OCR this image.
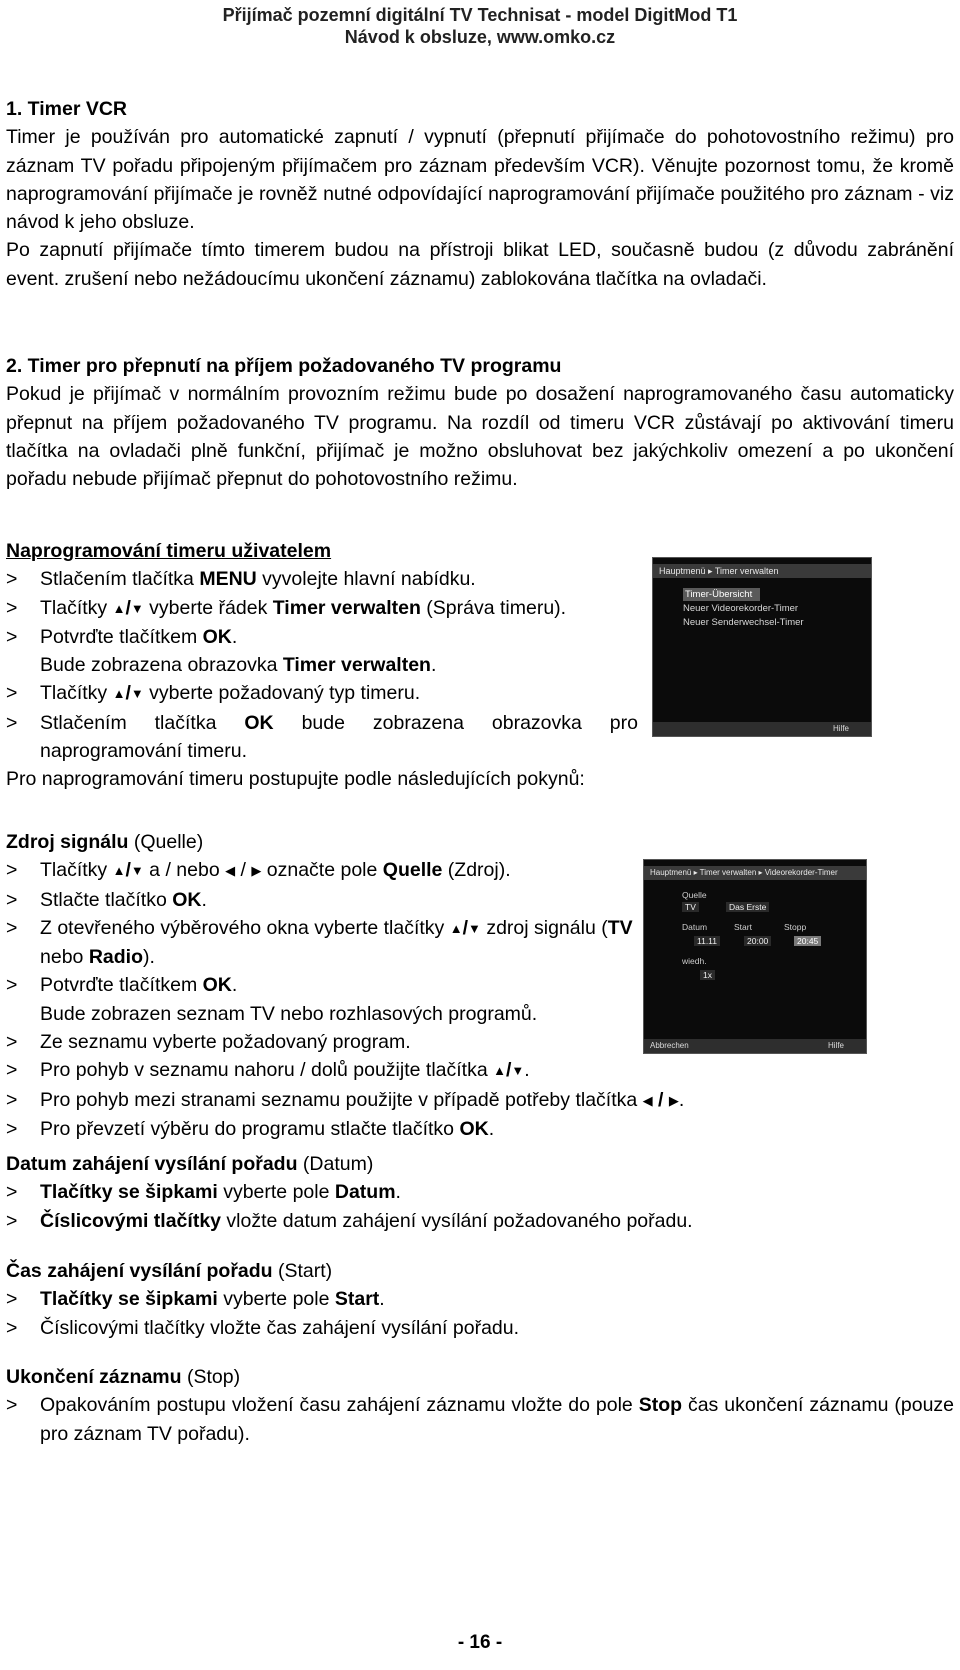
Přijímač pozemní digitální TV Technisat - model DigitMod T1
Návod k obsluze, www.omko.cz
1. Timer VCR
Timer je používán pro automatické zapnutí / vypnutí (přepnutí přijímače do pohotovostního režimu) pro záznam TV pořadu připojeným přijímačem pro záznam především VCR). Věnujte pozornost tomu, že kromě naprogramování přijímače je rovněž nutné odpovídající naprogramování přijímače použitého pro záznam - viz návod k jeho obsluze.
Po zapnutí přijímače tímto timerem budou na přístroji blikat LED, současně budou (z důvodu zabránění event. zrušení nebo nežádoucímu ukončení záznamu) zablokována tlačítka na ovladači.
2. Timer pro přepnutí na příjem požadovaného TV programu
Pokud je přijímač v normálním provozním režimu bude po dosažení naprogramovaného času automaticky přepnut na příjem požadovaného TV programu. Na rozdíl od timeru VCR zůstávají po aktivování timeru tlačítka na ovladači plně funkční, přijímač je možno obsluhovat bez jakýchkoliv omezení a po ukončení pořadu nebude přijímač přepnut do pohotovostního režimu.
Naprogramování timeru uživatelem
>	Stlačením tlačítka MENU vyvolejte hlavní nabídku.
>	Tlačítky ▲/▼ vyberte řádek Timer verwalten (Správa timeru).
>	Potvrďte tlačítkem OK.
Bude zobrazena obrazovka Timer verwalten.
>	Tlačítky ▲/▼ vyberte požadovaný typ timeru.
>	Stlačením tlačítka OK bude zobrazena obrazovka pro naprogramování timeru.
Pro naprogramování timeru postupujte podle následujících pokynů:
Hauptmenü ▸ Timer verwalten
Timer-Übersicht
Neuer Videorekorder-Timer
Neuer Senderwechsel-Timer
Hilfe
Zdroj signálu (Quelle)
>	Tlačítky ▲/▼ a / nebo ◀ / ▶ označte pole Quelle (Zdroj).
>	Stlačte tlačítko OK.
>	Z otevřeného výběrového okna vyberte tlačítky ▲/▼ zdroj signálu (TV nebo Radio).
>	Potvrďte tlačítkem OK.
Bude zobrazen seznam TV nebo rozhlasových programů.
>	Ze seznamu vyberte požadovaný program.
>	Pro pohyb v seznamu nahoru / dolů použijte tlačítka ▲/▼.
>	Pro pohyb mezi stranami seznamu použijte v případě potřeby tlačítka ◀ / ▶.
>	Pro převzetí výběru do programu stlačte tlačítko OK.
Hauptmenü ▸ Timer verwalten ▸ Videorekorder-Timer
Quelle
TV	Das Erste
Datum	Start	Stopp
11.11	20:00	20:45
wiedh.
1x
Abbrechen	Hilfe
Datum zahájení vysílání pořadu (Datum)
>	Tlačítky se šipkami vyberte pole Datum.
>	Číslicovými tlačítky vložte datum zahájení vysílání požadovaného pořadu.
Čas zahájení vysílání pořadu (Start)
>	Tlačítky se šipkami vyberte pole Start.
>	Číslicovými tlačítky vložte čas zahájení vysílání pořadu.
Ukončení záznamu (Stop)
>	Opakováním postupu vložení času zahájení záznamu vložte do pole Stop čas ukončení záznamu (pouze pro záznam TV pořadu).
- 16 -
